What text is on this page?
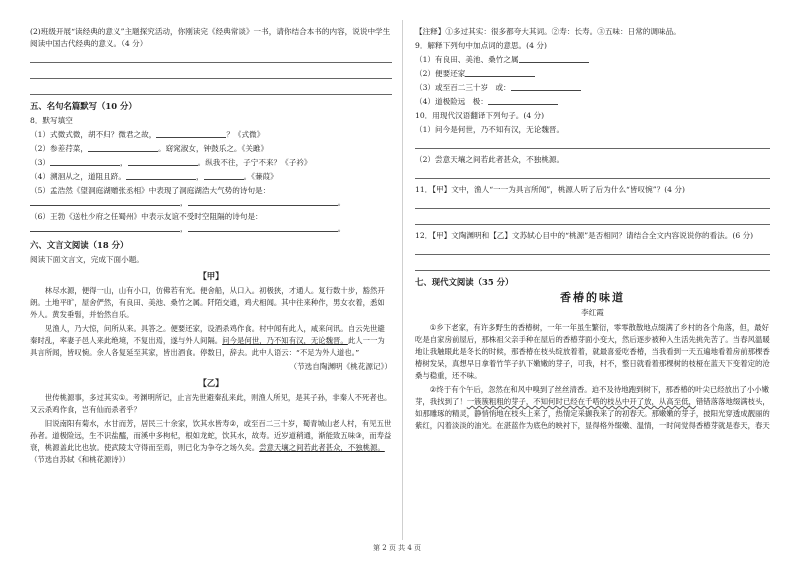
(2)班级开展“读经典的意义”主题探究活动，你刚读完《经典常谈》一书，请你结合本书的内容，说说中学生阅读中国古代经典的意义。（4 分）

五、名句名篇默写（10 分）

8．默写填空

（1）式微式微，胡不归？微君之故，	？《式微》

（2）参差荇菜，	。窈窕淑女，钟鼓乐之。《关雎》

（3）	，	。纵我不往，子宁不来？《子衿》

（4）溯洄从之，道阻且跻。	，	。《蒹葭》

（5）孟浩然《望洞庭湖赠张丞相》中表现了洞庭湖浩大气势的诗句是：
，	。

（6）王勃《送杜少府之任蜀州》中表示友谊不受时空阻隔的诗句是：
，	。

六、文言文阅读（18 分）

阅读下面文言文，完成下面小题。

【甲】

林尽水源，便得一山，山有小口，仿佛若有光。便舍船，从口入。初极狭，才通人。复行数十步，豁然开朗。土地平旷，屋舍俨然，有良田、美池、桑竹之属。阡陌交通，鸡犬相闻。其中往来种作，男女衣着，悉如外人。黄发垂髫，并怡然自乐。

见渔人，乃大惊，问所从来。具答之。便要还家，设酒杀鸡作食。村中闻有此人，咸来问讯。自云先世避秦时乱，率妻子邑人来此绝境，不复出焉，遂与外人间隔。问今是何世，乃不知有汉，无论魏晋。此人一一为具言所闻，皆叹惋。余人各复延至其家，皆出酒食。停数日，辞去。此中人语云：“不足为外人道也。”

（节选自陶渊明《桃花源记》）

【乙】

世传桃源事，多过其实①。考渊明所记，止言先世避秦乱来此，则渔人所见，是其子孙，非秦人不死者也。又云杀鸡作食，岂有仙而杀者乎？

旧说南阳有菊水，水甘而芳，居民三十余家，饮其水皆寿②，或至百二三十岁，蜀青城山老人村，有见五世孙者。道极险远，生不识盐醯，而溪中多枸杞，根如龙蛇，饮其水，故寿。近岁道稍通，渐能致五味③，而寿益衰，桃源盖此比也欤。使武陵太守得而至焉，则已化为争夺之场久矣。尝意天壤之间若此者甚众，不独桃源。（节选自苏轼《和桃花源诗》）

【注释】①多过其实：很多都夸大其词。②寿：长寿。③五味：日常的调味品。

9．解释下列句中加点词的意思。(4 分)

（1）有良田、美池、桑竹之属

（2）便要还家

（3）或至百二三十岁 或：

（4）道极险远 极：

10．用现代汉语翻译下列句子。(4 分)

（1）问今是何世，乃不知有汉，无论魏晋。

（2）尝意天壤之间若此者甚众，不独桃源。

11．【甲】文中，渔人“一一为具言所闻”，桃源人听了后为什么“皆叹惋”？(4 分)

12．【甲】文陶渊明和【乙】文苏轼心目中的“桃源”是否相同？请结合全文内容说说你的看法。(6 分)

七、现代文阅读（35 分）
香椿的味道
李红霞

①乡下老家，有许多野生的香椿树，一年一年虽生繁衍，零零散散地点缀满了乡村的各个角落，但，最好吃是自家房前屋后，那株祖父亲手种在屋后的香椿芽面小变大，然后逐步被种入生活先挑先苦了。当春风温暖地让我触眼此是冬长的时候，那香椿在枝头绽放着着，就最喜爱吃香椿，当我看到一天五遍地看着房前那棵香椿树发呆，真想早日拿着竹竿子扒下嫩嫩的芽子，可我，村不，整日就看着那棵树的枝桠在蓝天下变着定的沧桑与稳重，还不味。

②终于有个午后，忽然在和风中嗅到了丝丝清香。迫不及待地跑到树下，那香椿的叶尖已经放出了小小嫩芽，我找到了！一簇簇粗粗的芽子，不知何时已经在千嗒的枝丛中开了放，从高至低，错错落落地缀满枝头，如那雕琢的精灵，静悄悄地在枝头上来了，热情定采撷我来了的初春天。那嫩嫩的芽子，披阳光穿透成靓丽的紫红，闪着淡淡的油光。在湛蓝作为底色的映衬下，显得格外缀嫩、温情，一时间觉得香椿芽就是春天，春天

第 2 页 共 4 页
